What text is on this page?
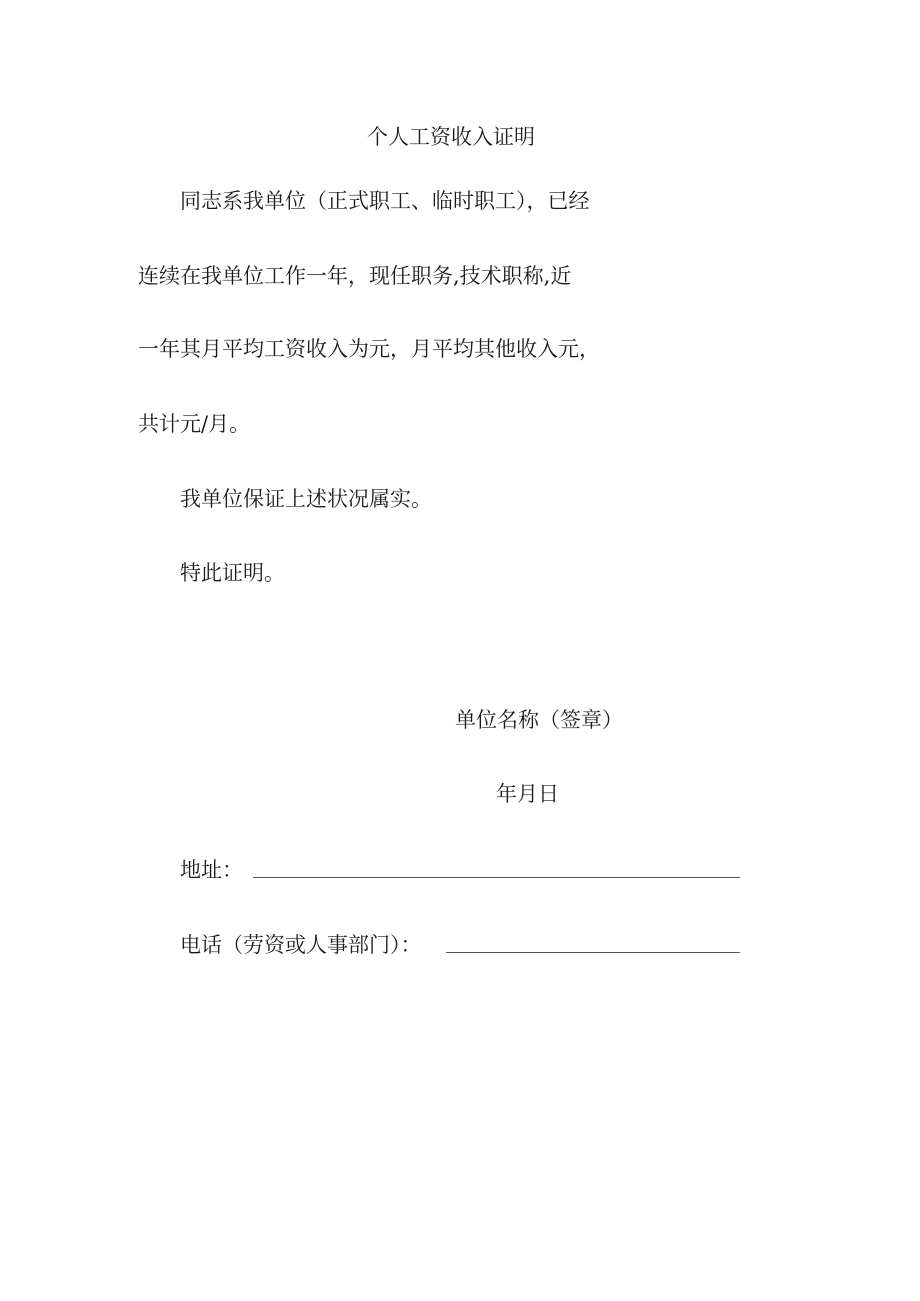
个人工资收入证明
同志系我单位（正式职工、临时职工），已经
连续在我单位工作一年，现任职务,技术职称,近
一年其月平均工资收入为元，月平均其他收入元，
共计元/月。
我单位保证上述状况属实。
特此证明。
单位名称（签章）
年月日
地址：
电话（劳资或人事部门）：
